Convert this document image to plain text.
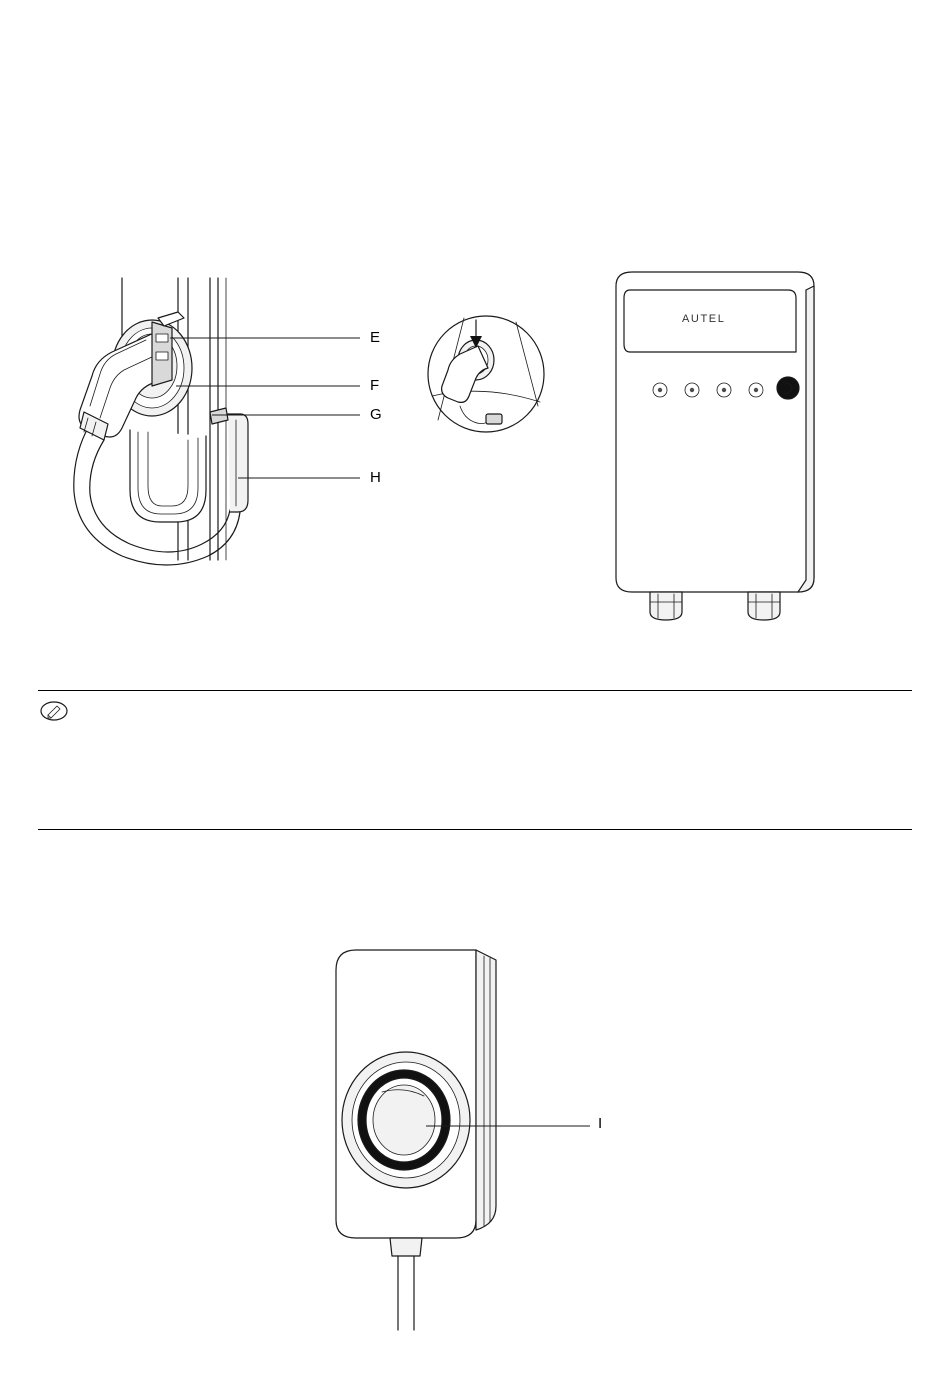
E
F
G
H
AUTEL
I
